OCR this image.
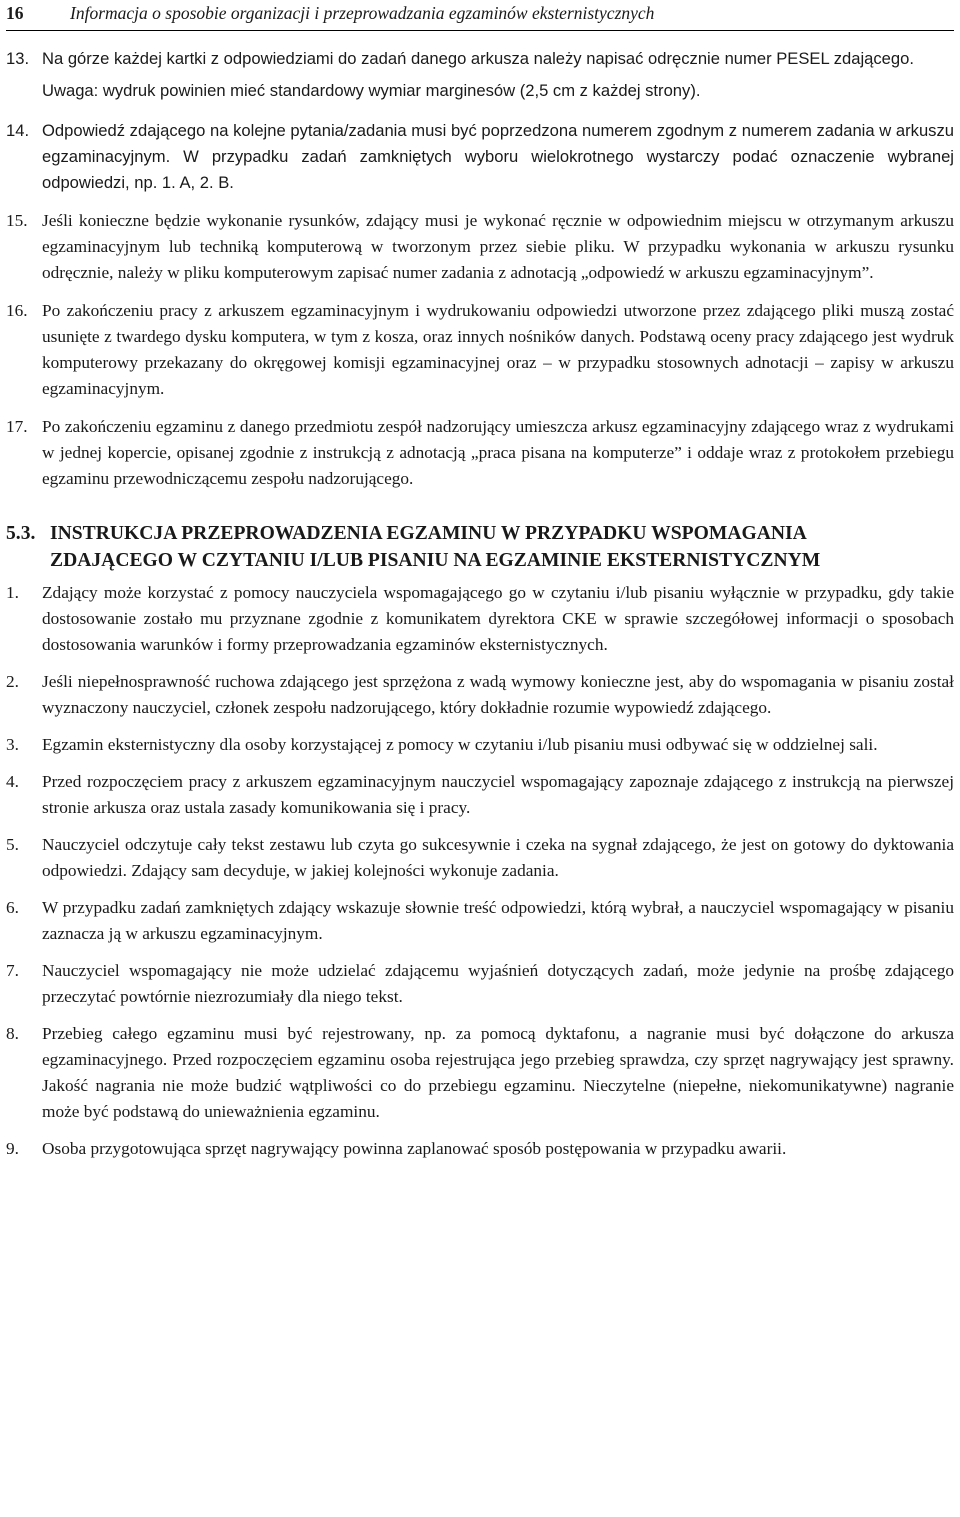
16	Informacja o sposobie organizacji i przeprowadzania egzaminów eksternistycznych
13. Na górze każdej kartki z odpowiedziami do zadań danego arkusza należy napisać odręcznie numer PESEL zdającego.
Uwaga: wydruk powinien mieć standardowy wymiar marginesów (2,5 cm z każdej strony).
14. Odpowiedź zdającego na kolejne pytania/zadania musi być poprzedzona numerem zgodnym z numerem zadania w arkuszu egzaminacyjnym. W przypadku zadań zamkniętych wyboru wielokrotnego wystarczy podać oznaczenie wybranej odpowiedzi, np. 1. A, 2. B.
15. Jeśli konieczne będzie wykonanie rysunków, zdający musi je wykonać ręcznie w odpowiednim miejscu w otrzymanym arkuszu egzaminacyjnym lub techniką komputerową w tworzonym przez siebie pliku. W przypadku wykonania w arkuszu rysunku odręcznie, należy w pliku komputerowym zapisać numer zadania z adnotacją „odpowiedź w arkuszu egzaminacyjnym”.
16. Po zakończeniu pracy z arkuszem egzaminacyjnym i wydrukowaniu odpowiedzi utworzone przez zdającego pliki muszą zostać usunięte z twardego dysku komputera, w tym z kosza, oraz innych nośników danych. Podstawą oceny pracy zdającego jest wydruk komputerowy przekazany do okręgowej komisji egzaminacyjnej oraz – w przypadku stosownych adnotacji – zapisy w arkuszu egzaminacyjnym.
17. Po zakończeniu egzaminu z danego przedmiotu zespół nadzorujący umieszcza arkusz egzaminacyjny zdającego wraz z wydrukami w jednej kopercie, opisanej zgodnie z instrukcją z adnotacją „praca pisana na komputerze” i oddaje wraz z protokołem przebiegu egzaminu przewodniczącemu zespołu nadzorującego.
5.3. INSTRUKCJA PRZEPROWADZENIA EGZAMINU W PRZYPADKU WSPOMAGANIA
ZDAJĄCEGO W CZYTANIU I/LUB PISANIU NA EGZAMINIE EKSTERNISTYCZNYM
1.	Zdający może korzystać z pomocy nauczyciela wspomagającego go w czytaniu i/lub pisaniu wyłącznie w przypadku, gdy takie dostosowanie zostało mu przyznane zgodnie z komunikatem dyrektora CKE w sprawie szczegółowej informacji o sposobach dostosowania warunków i formy przeprowadzania egzaminów eksternistycznych.
2.	Jeśli niepełnosprawność ruchowa zdającego jest sprzężona z wadą wymowy konieczne jest, aby do wspomagania w pisaniu został wyznaczony nauczyciel, członek zespołu nadzorującego, który dokładnie rozumie wypowiedź zdającego.
3.	Egzamin eksternistyczny dla osoby korzystającej z pomocy w czytaniu i/lub pisaniu musi odbywać się w oddzielnej sali.
4.	Przed rozpoczęciem pracy z arkuszem egzaminacyjnym nauczyciel wspomagający zapoznaje zdającego z instrukcją na pierwszej stronie arkusza oraz ustala zasady komunikowania się i pracy.
5.	Nauczyciel odczytuje cały tekst zestawu lub czyta go sukcesywnie i czeka na sygnał zdającego, że jest on gotowy do dyktowania odpowiedzi. Zdający sam decyduje, w jakiej kolejności wykonuje zadania.
6.	W przypadku zadań zamkniętych zdający wskazuje słownie treść odpowiedzi, którą wybrał, a nauczyciel wspomagający w pisaniu zaznacza ją w arkuszu egzaminacyjnym.
7.	Nauczyciel wspomagający nie może udzielać zdającemu wyjaśnień dotyczących zadań, może jedynie na prośbę zdającego przeczytać powtórnie niezrozumiały dla niego tekst.
8.	Przebieg całego egzaminu musi być rejestrowany, np. za pomocą dyktafonu, a nagranie musi być dołączone do arkusza egzaminacyjnego. Przed rozpoczęciem egzaminu osoba rejestrująca jego przebieg sprawdza, czy sprzęt nagrywający jest sprawny. Jakość nagrania nie może budzić wątpliwości co do przebiegu egzaminu. Nieczytelne (niepełne, niekomunikatywne) nagranie może być podstawą do unieważnienia egzaminu.
9.	Osoba przygotowująca sprzęt nagrywający powinna zaplanować sposób postępowania w przypadku awarii.
